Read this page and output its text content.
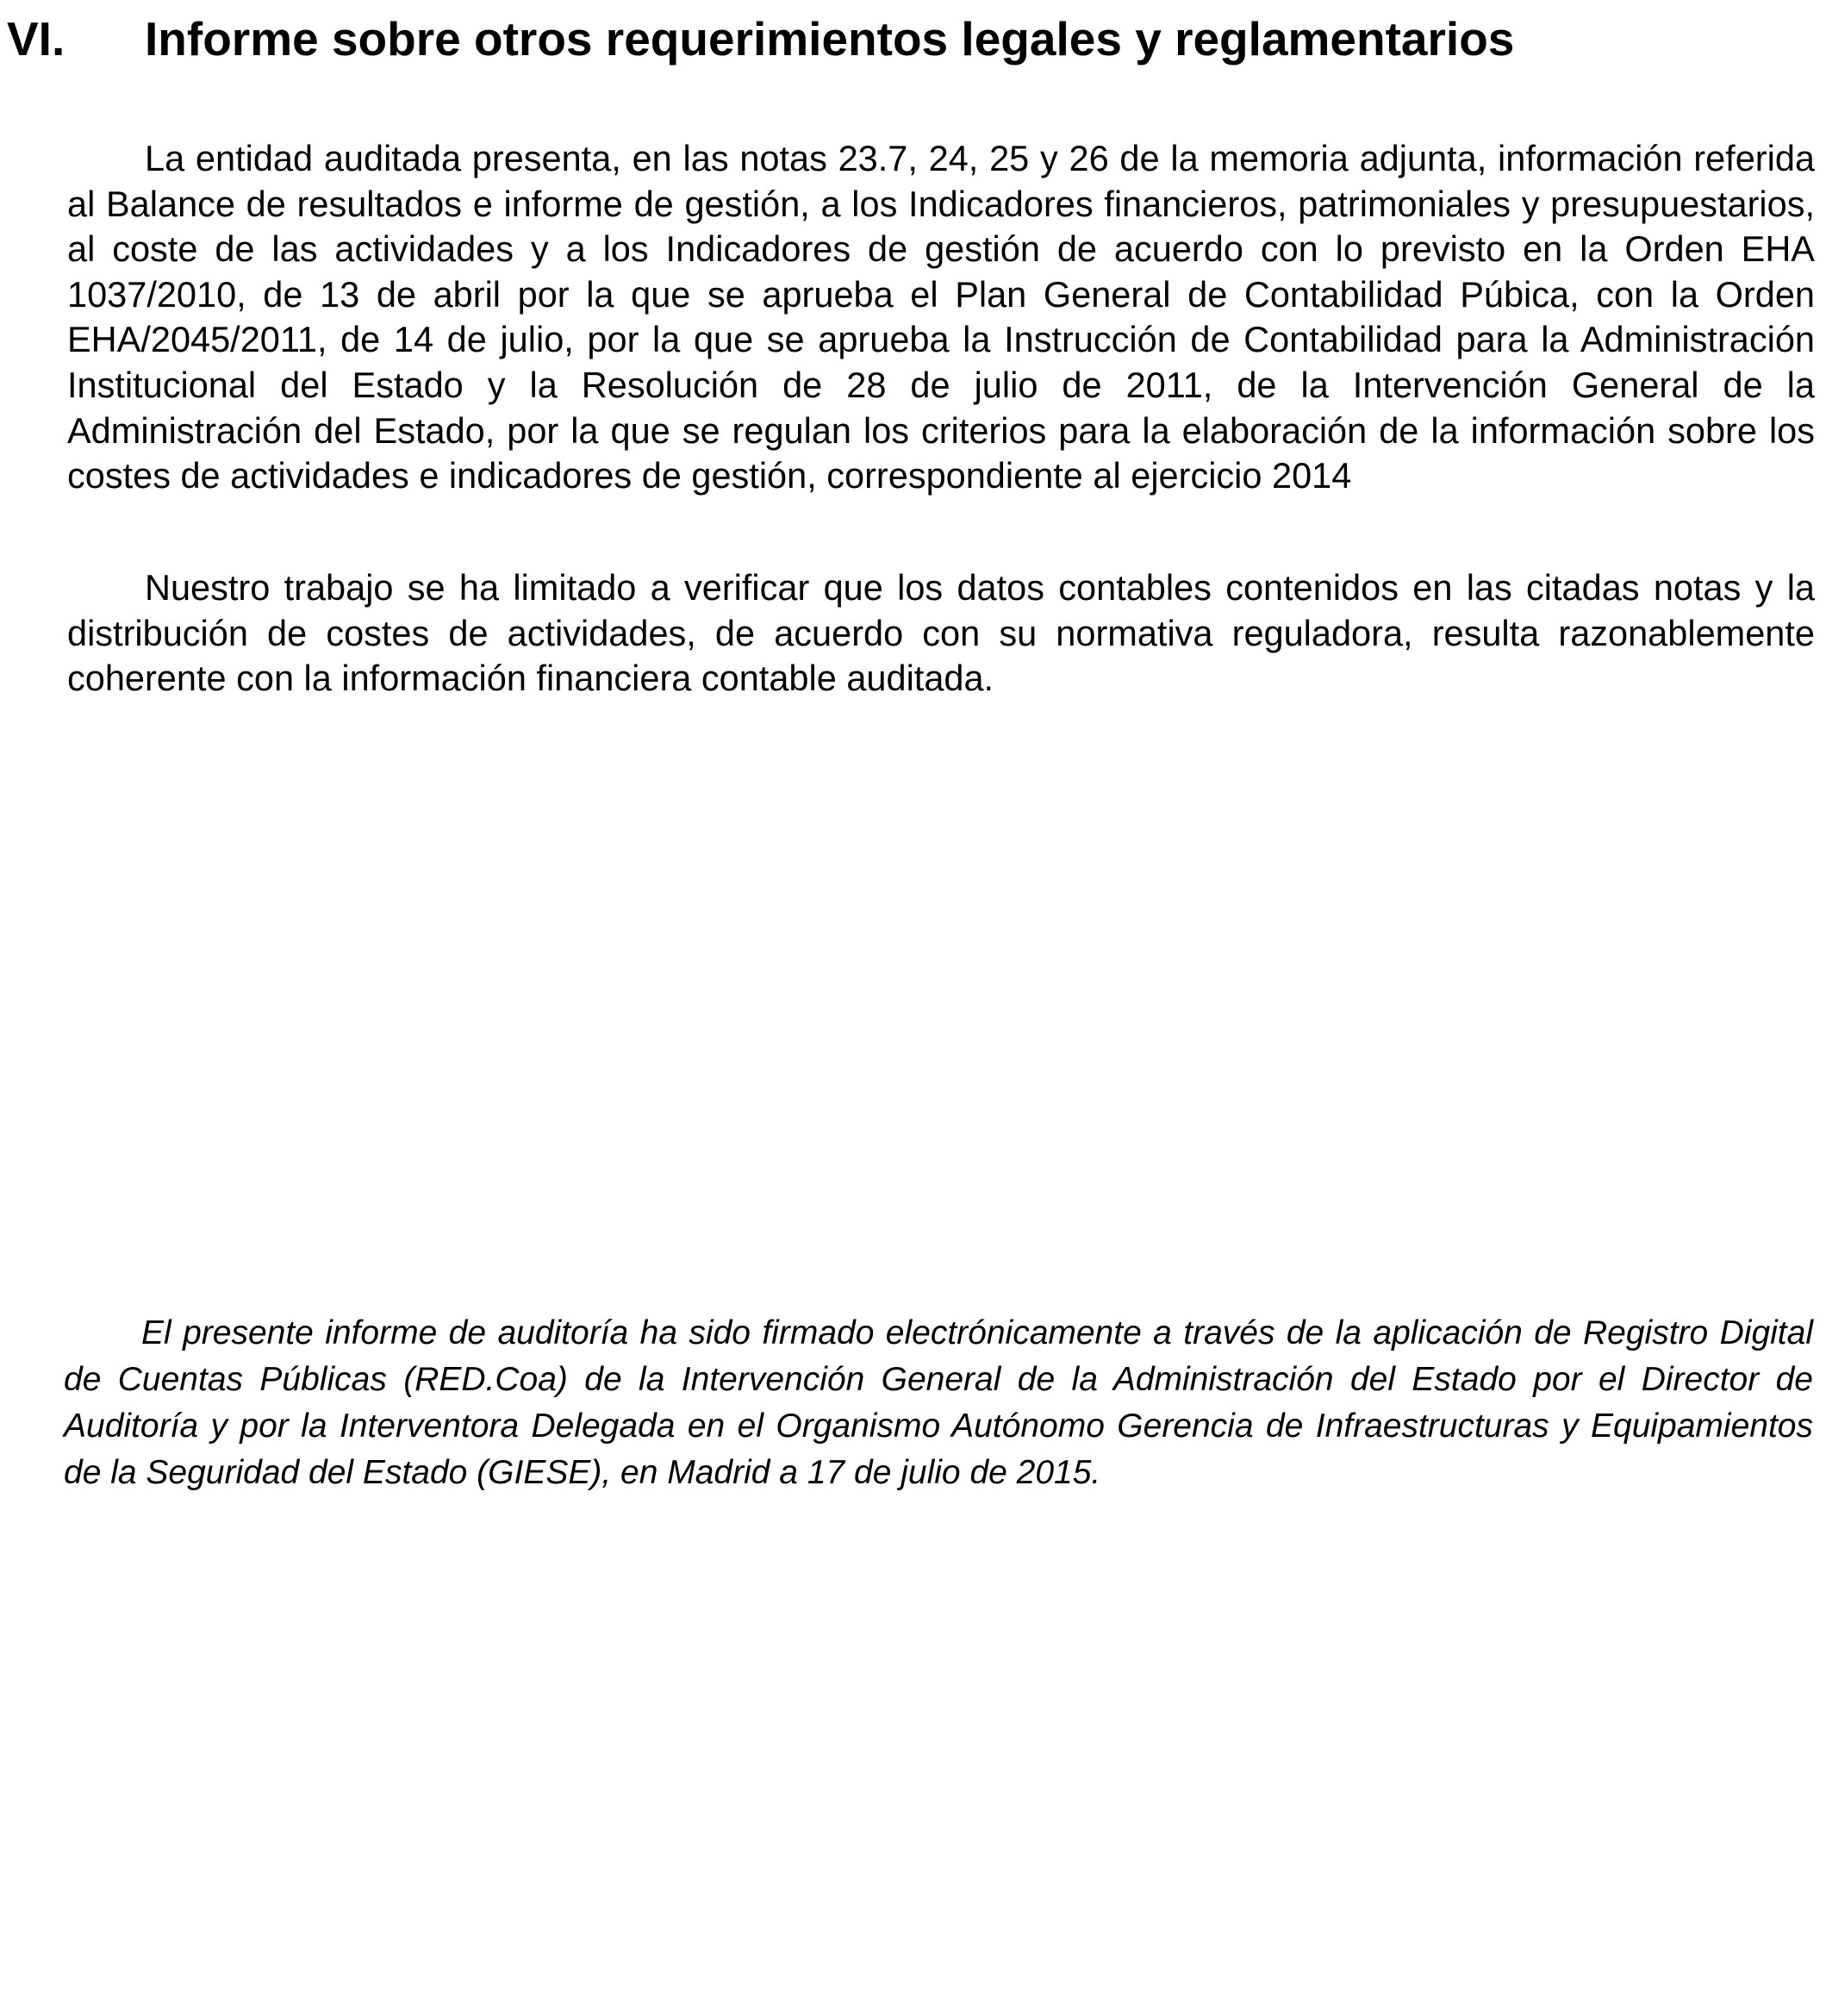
VI.	Informe sobre otros requerimientos legales y reglamentarios

La entidad auditada presenta, en las notas 23.7, 24, 25 y 26 de la memoria adjunta, información referida al Balance de resultados e informe de gestión, a los Indicadores financieros, patrimoniales y presupuestarios, al coste de las actividades y a los Indicadores de gestión de acuerdo con lo previsto en la Orden EHA 1037/2010, de 13 de abril por la que se aprueba el Plan General de Contabilidad Púbica, con la Orden EHA/2045/2011, de 14 de julio, por la que se aprueba la Instrucción de Contabilidad para la Administración Institucional del Estado y la Resolución de 28 de julio de 2011, de la Intervención General de la Administración del Estado, por la que se regulan los criterios para la elaboración de la información sobre los costes de actividades e indicadores de gestión, correspondiente al ejercicio 2014

Nuestro trabajo se ha limitado a verificar que los datos contables contenidos en las citadas notas y la distribución de costes de actividades, de acuerdo con su normativa reguladora, resulta razonablemente coherente con la información financiera contable auditada.

El presente informe de auditoría ha sido firmado electrónicamente a través de la aplicación de Registro Digital de Cuentas Públicas (RED.Coa) de la Intervención General de la Administración del Estado por el Director de Auditoría y por la Interventora Delegada en el Organismo Autónomo Gerencia de Infraestructuras y Equipamientos de la Seguridad del Estado (GIESE), en Madrid a 17 de julio de 2015.
